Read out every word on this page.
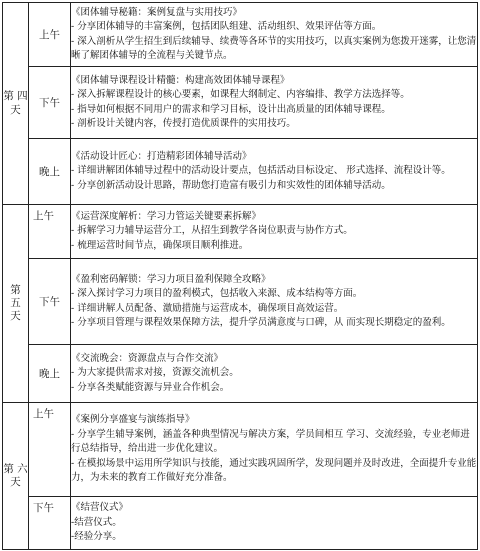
第 四
天	上午	《团体辅导秘籍：案例复盘与实用技巧》
- 分享团体辅导的丰富案例，包括团队组建、活动组织、效果评估等方面。
- 深入剖析从学生招生到后续辅导、续费等各环节的实用技巧，以真实案例为您拨开迷雾，让您清晰了解团体辅导的全流程与关键节点。

	下午	《团体辅导课程设计精髓：构建高效团体辅导课程》
- 深入拆解课程设计的核心要素，如课程大纲制定、内容编排、教学方法选择等。
- 指导如何根据不同用户的需求和学习目标，设计出高质量的团体辅导课程。
- 剖析设计关键内容，传授打造优质课件的实用技巧。

	晚上	《活动设计匠心：打造精彩团体辅导活动》
- 详细讲解团体辅导过程中的活动设计要点，包括活动目标设定、 形式选择、流程设计等。
- 分享创新活动设计思路，帮助您打造富有吸引力和实效性的团体辅导活动。

第
五
天	上午	《运营深度解析：学习力管运关键要素拆解》
- 拆解学习力辅导运营分工，从招生到教学各岗位职责与协作方式。
- 梳理运营时间节点，确保项目顺利推进。

	下午	《盈利密码解锁：学习力项目盈利保障全攻略》
- 深入探讨学习力项目的盈利模式，包括收入来源、成本结构等方面。
- 详细讲解人员配备、激励措施与运营成本，确保项目高效运营。
- 分享项目管理与课程效果保障方法，提升学员满意度与口碑，从 而实现长期稳定的盈利。

	晚上	《交流晚会：资源盘点与合作交流》
- 为大家提供需求对接，资源交流机会。
- 分享各类赋能资源与异业合作机会。

第 六
天	上午	《案例分享盛宴与演练指导》
- 分享学生辅导案例，涵盖各种典型情况与解决方案，学员间相互 学习、交流经验，专业老师进行总结指导，给出进一步优化建议。
- 在模拟场景中运用所学知识与技能，通过实践巩固所学，发现问题并及时改进，全面提升专业能力，为未来的教育工作做好充分准备。

	下午	《结营仪式》
-结营仪式。
-经验分享。
